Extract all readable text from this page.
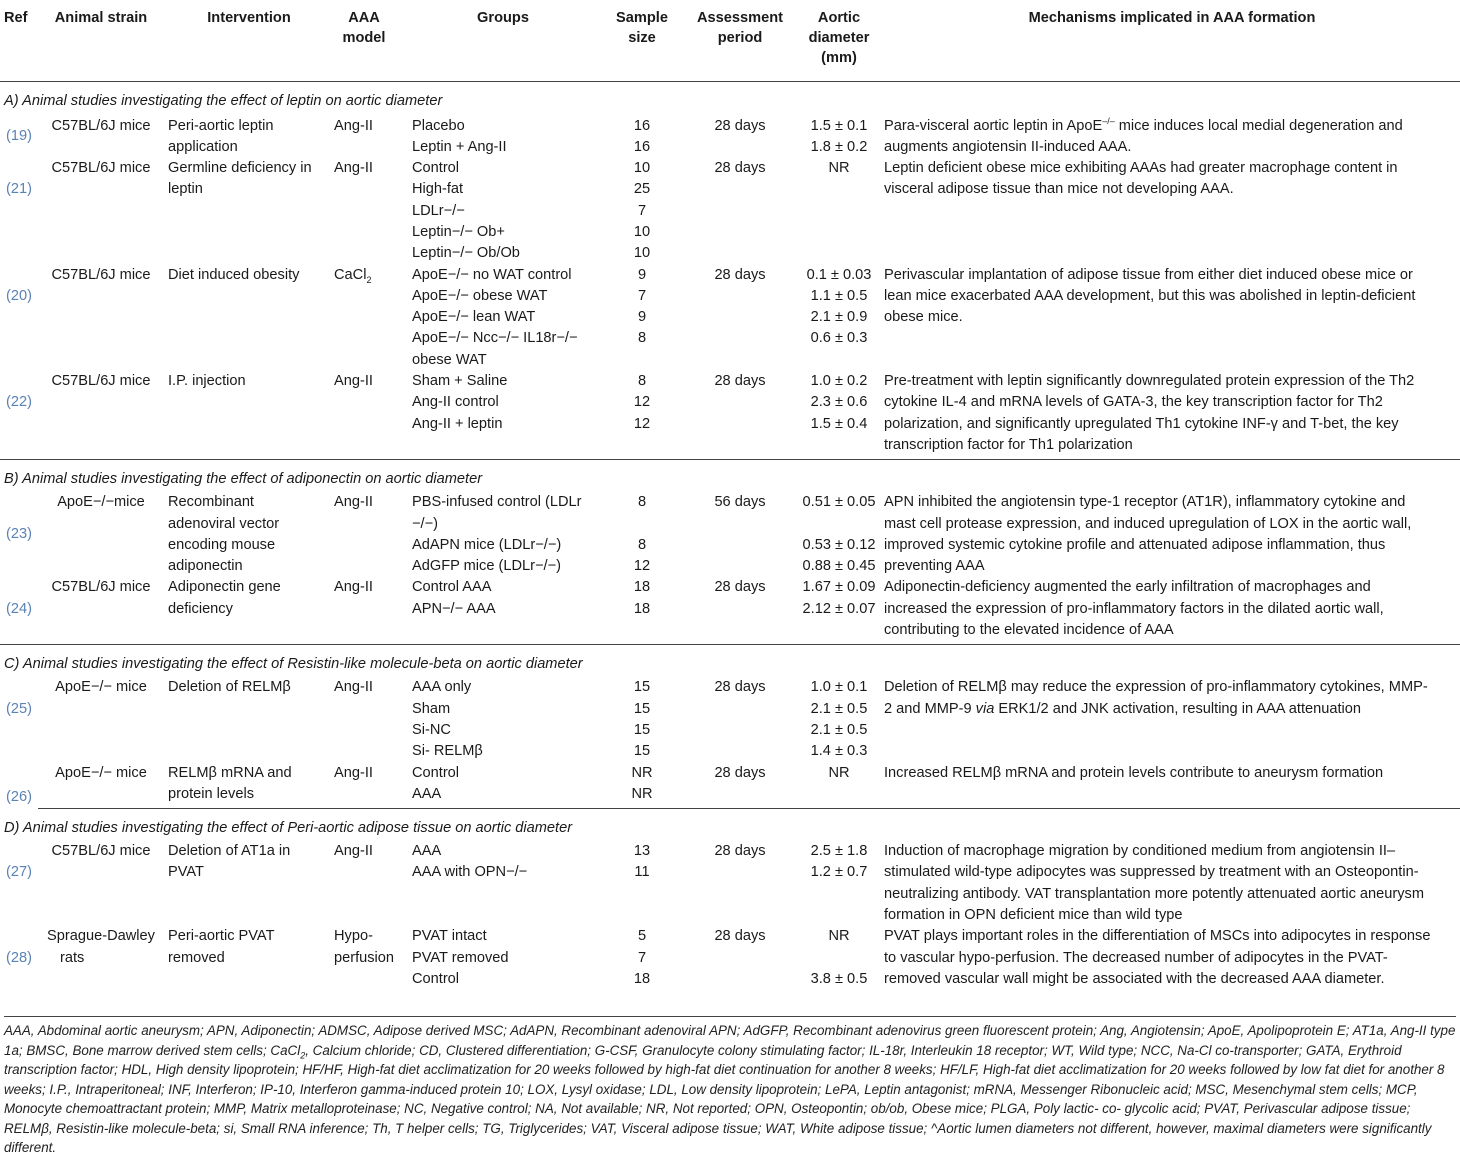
Ref	Animal strain	Intervention	AAA model	Groups	Sample size	Assessment period	Aortic diameter (mm)	Mechanisms implicated in AAA formation
A) Animal studies investigating the effect of leptin on aortic diameter								
(19)	C57BL/6J mice	Peri-aortic leptin	Ang-II	Placebo	16	28 days	1.5 ± 0.1	Para-visceral aortic leptin in ApoE–/– mice induces local medial degeneration and
		application		Leptin + Ang-II	16		1.8 ± 0.2	augments angiotensin II-induced AAA.
(21)	C57BL/6J mice	Germline deficiency in	Ang-II	Control	10	28 days	NR	Leptin deficient obese mice exhibiting AAAs had greater macrophage content in
		leptin		High-fat	25			visceral adipose tissue than mice not developing AAA.
				LDLr−/−	7			
				Leptin−/− Ob+	10			
				Leptin−/− Ob/Ob	10			
(20)	C57BL/6J mice	Diet induced obesity	CaCl$_2$	ApoE−/− no WAT control	9	28 days	0.1 ± 0.03	Perivascular implantation of adipose tissue from either diet induced obese mice or
				ApoE−/− obese WAT	7		1.1 ± 0.5	lean mice exacerbated AAA development, but this was abolished in leptin-deficient
				ApoE−/− lean WAT	9		2.1 ± 0.9	obese mice.
				ApoE−/− Ncc−/− IL18r−/−	8		0.6 ± 0.3	
				obese WAT				
(22)	C57BL/6J mice	I.P. injection	Ang-II	Sham + Saline	8	28 days	1.0 ± 0.2	Pre-treatment with leptin significantly downregulated protein expression of the Th2
				Ang-II control	12		2.3 ± 0.6	cytokine IL-4 and mRNA levels of GATA-3, the key transcription factor for Th2
				Ang-II + leptin	12		1.5 ± 0.4	polarization, and significantly upregulated Th1 cytokine INF-γ and T-bet, the key
								transcription factor for Th1 polarization
B) Animal studies investigating the effect of adiponectin on aortic diameter								
(23)	ApoE−/−mice	Recombinant	Ang-II	PBS-infused control (LDLr	8	56 days	0.51 ± 0.05	APN inhibited the angiotensin type-1 receptor (AT1R), inflammatory cytokine and
		adenoviral vector		−/−)				mast cell protease expression, and induced upregulation of LOX in the aortic wall,
		encoding mouse		AdAPN mice (LDLr−/−)	8		0.53 ± 0.12	improved systemic cytokine profile and attenuated adipose inflammation, thus
		adiponectin		AdGFP mice (LDLr−/−)	12		0.88 ± 0.45	preventing AAA
(24)	C57BL/6J mice	Adiponectin gene	Ang-II	Control AAA	18	28 days	1.67 ± 0.09	Adiponectin-deficiency augmented the early infiltration of macrophages and
		deficiency		APN−/− AAA	18		2.12 ± 0.07	increased the expression of pro-inflammatory factors in the dilated aortic wall,
								contributing to the elevated incidence of AAA
C) Animal studies investigating the effect of Resistin-like molecule-beta on aortic diameter								
(25)	ApoE−/− mice	Deletion of RELMβ	Ang-II	AAA only	15	28 days	1.0 ± 0.1	Deletion of RELMβ may reduce the expression of pro-inflammatory cytokines, MMP-
				Sham	15		2.1 ± 0.5	2 and MMP-9 via ERK1/2 and JNK activation, resulting in AAA attenuation
				Si-NC	15		2.1 ± 0.5	
				Si- RELMβ	15		1.4 ± 0.3	
(26)	ApoE−/− mice	RELMβ mRNA and	Ang-II	Control	NR	28 days	NR	Increased RELMβ mRNA and protein levels contribute to aneurysm formation
		protein levels		AAA	NR			
D) Animal studies investigating the effect of Peri-aortic adipose tissue on aortic diameter								
(27)	C57BL/6J mice	Deletion of AT1a in	Ang-II	AAA	13	28 days	2.5 ± 1.8	Induction of macrophage migration by conditioned medium from angiotensin II–
		PVAT		AAA with OPN−/−	11		1.2 ± 0.7	stimulated wild-type adipocytes was suppressed by treatment with an Osteopontin-
								neutralizing antibody. VAT transplantation more potently attenuated aortic aneurysm
								formation in OPN deficient mice than wild type
(28)	Sprague-Dawley	Peri-aortic PVAT	Hypo-	PVAT intact	5	28 days	NR	PVAT plays important roles in the differentiation of MSCs into adipocytes in response
	rats	removed	perfusion	PVAT removed	7			to vascular hypo-perfusion. The decreased number of adipocytes in the PVAT-
				Control	18		3.8 ± 0.5	removed vascular wall might be associated with the decreased AAA diameter.
AAA, Abdominal aortic aneurysm; APN, Adiponectin; ADMSC, Adipose derived MSC; AdAPN, Recombinant adenoviral APN; AdGFP, Recombinant adenovirus green fluorescent protein; Ang, Angiotensin; ApoE, Apolipoprotein E; AT1a, Ang-II type 1a; BMSC, Bone marrow derived stem cells; CaCl$_2$, Calcium chloride; CD, Clustered differentiation; G-CSF, Granulocyte colony stimulating factor; IL-18r, Interleukin 18 receptor; WT, Wild type; NCC, Na-Cl co-transporter; GATA, Erythroid transcription factor; HDL, High density lipoprotein; HF/HF, High-fat diet acclimatization for 20 weeks followed by high-fat diet continuation for another 8 weeks; HF/LF, High-fat diet acclimatization for 20 weeks followed by low fat diet for another 8 weeks; I.P., Intraperitoneal; INF, Interferon; IP-10, Interferon gamma-induced protein 10; LOX, Lysyl oxidase; LDL, Low density lipoprotein; LePA, Leptin antagonist; mRNA, Messenger Ribonucleic acid; MSC, Mesenchymal stem cells; MCP, Monocyte chemoattractant protein; MMP, Matrix metalloproteinase; NC, Negative control; NA, Not available; NR, Not reported; OPN, Osteopontin; ob/ob, Obese mice; PLGA, Poly lactic- co- glycolic acid; PVAT, Perivascular adipose tissue; RELMβ, Resistin-like molecule-beta; si, Small RNA inference; Th, T helper cells; TG, Triglycerides; VAT, Visceral adipose tissue; WAT, White adipose tissue; ^Aortic lumen diameters not different, however, maximal diameters were significantly different.
